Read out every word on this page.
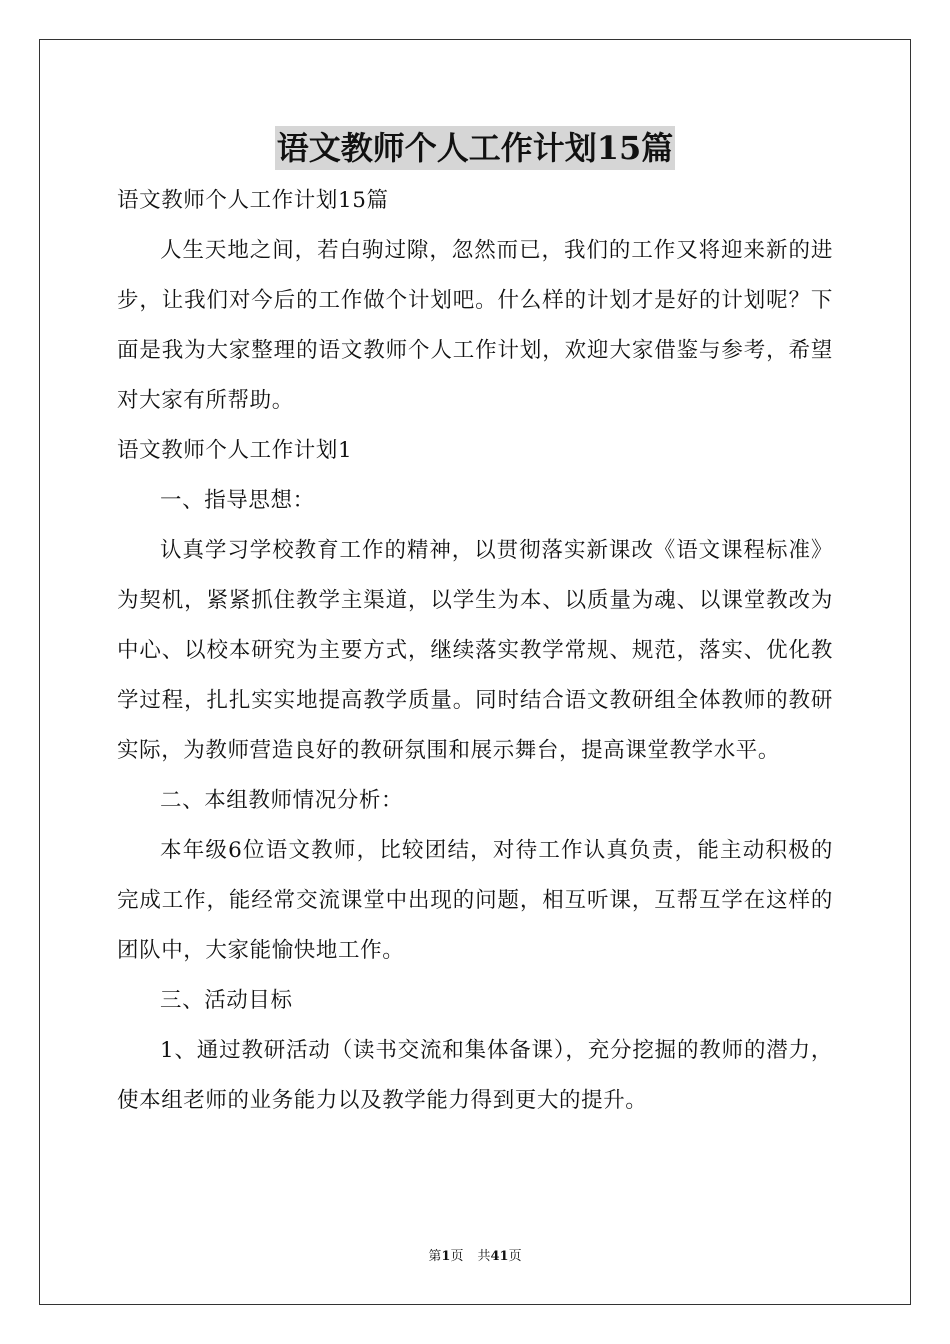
语文教师个人工作计划15篇

语文教师个人工作计划15篇

人生天地之间，若白驹过隙，忽然而已，我们的工作又将迎来新的进步，让我们对今后的工作做个计划吧。什么样的计划才是好的计划呢？下面是我为大家整理的语文教师个人工作计划，欢迎大家借鉴与参考，希望对大家有所帮助。

语文教师个人工作计划1

一、指导思想：

认真学习学校教育工作的精神，以贯彻落实新课改《语文课程标准》为契机，紧紧抓住教学主渠道，以学生为本、以质量为魂、以课堂教改为中心、以校本研究为主要方式，继续落实教学常规、规范，落实、优化教学过程，扎扎实实地提高教学质量。同时结合语文教研组全体教师的教研实际，为教师营造良好的教研氛围和展示舞台，提高课堂教学水平。

二、本组教师情况分析：

本年级6位语文教师，比较团结，对待工作认真负责，能主动积极的完成工作，能经常交流课堂中出现的问题，相互听课，互帮互学在这样的团队中，大家能愉快地工作。

三、活动目标

1、通过教研活动（读书交流和集体备课），充分挖掘的教师的潜力，使本组老师的业务能力以及教学能力得到更大的提升。

第1页 共41页
